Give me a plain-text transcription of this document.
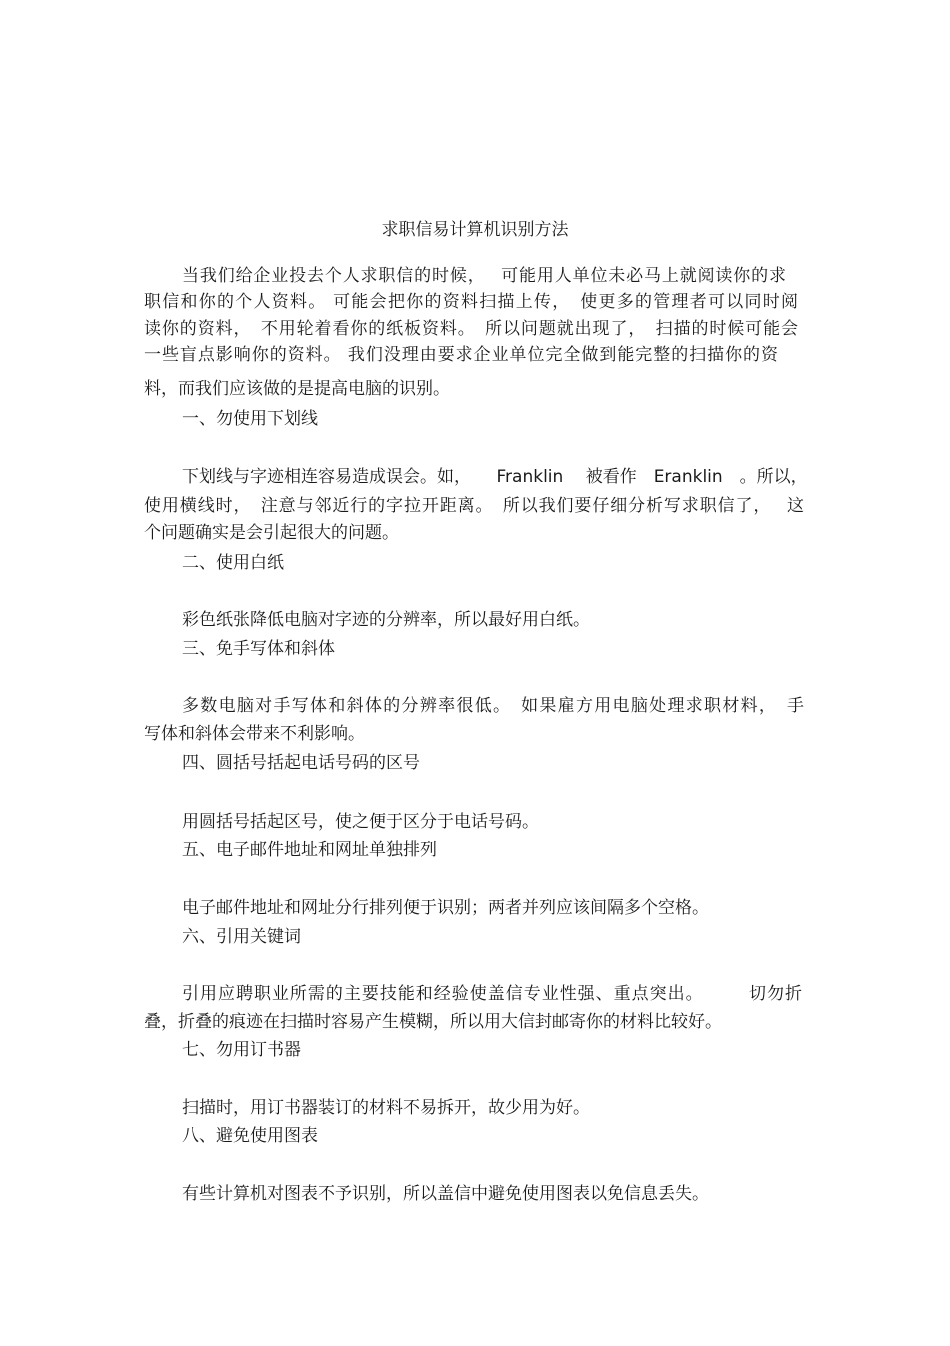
求职信易计算机识别方法
当我们给企业投去个人求职信的时候，　 可能用人单位未必马上就阅读你的求
职信和你的个人资料。 可能会把你的资料扫描上传，　使更多的管理者可以同时阅
读你的资料，　不用轮着看你的纸板资料。　所以问题就出现了，　扫描的时候可能会
一些盲点影响你的资料。 我们没理由要求企业单位完全做到能完整的扫描你的资
料，而我们应该做的是提高电脑的识别。
一、勿使用下划线
下划线与字迹相连容易造成误会。如，　　Franklin　 被看作　Eranklin　。所以，
使用横线时，　注意与邻近行的字拉开距离。　所以我们要仔细分析写求职信了，　 这
个问题确实是会引起很大的问题。
二、使用白纸
彩色纸张降低电脑对字迹的分辨率，所以最好用白纸。
三、免手写体和斜体
多数电脑对手写体和斜体的分辨率很低。　如果雇方用电脑处理求职材料，　手
写体和斜体会带来不利影响。
四、圆括号括起电话号码的区号
用圆括号括起区号，使之便于区分于电话号码。
五、电子邮件地址和网址单独排列
电子邮件地址和网址分行排列便于识别；两者并列应该间隔多个空格。
六、引用关键词
引用应聘职业所需的主要技能和经验使盖信专业性强、重点突出。　　　切勿折
叠，折叠的痕迹在扫描时容易产生模糊，所以用大信封邮寄你的材料比较好。
七、勿用订书器
扫描时，用订书器装订的材料不易拆开，故少用为好。
八、避免使用图表
有些计算机对图表不予识别，所以盖信中避免使用图表以免信息丢失。
